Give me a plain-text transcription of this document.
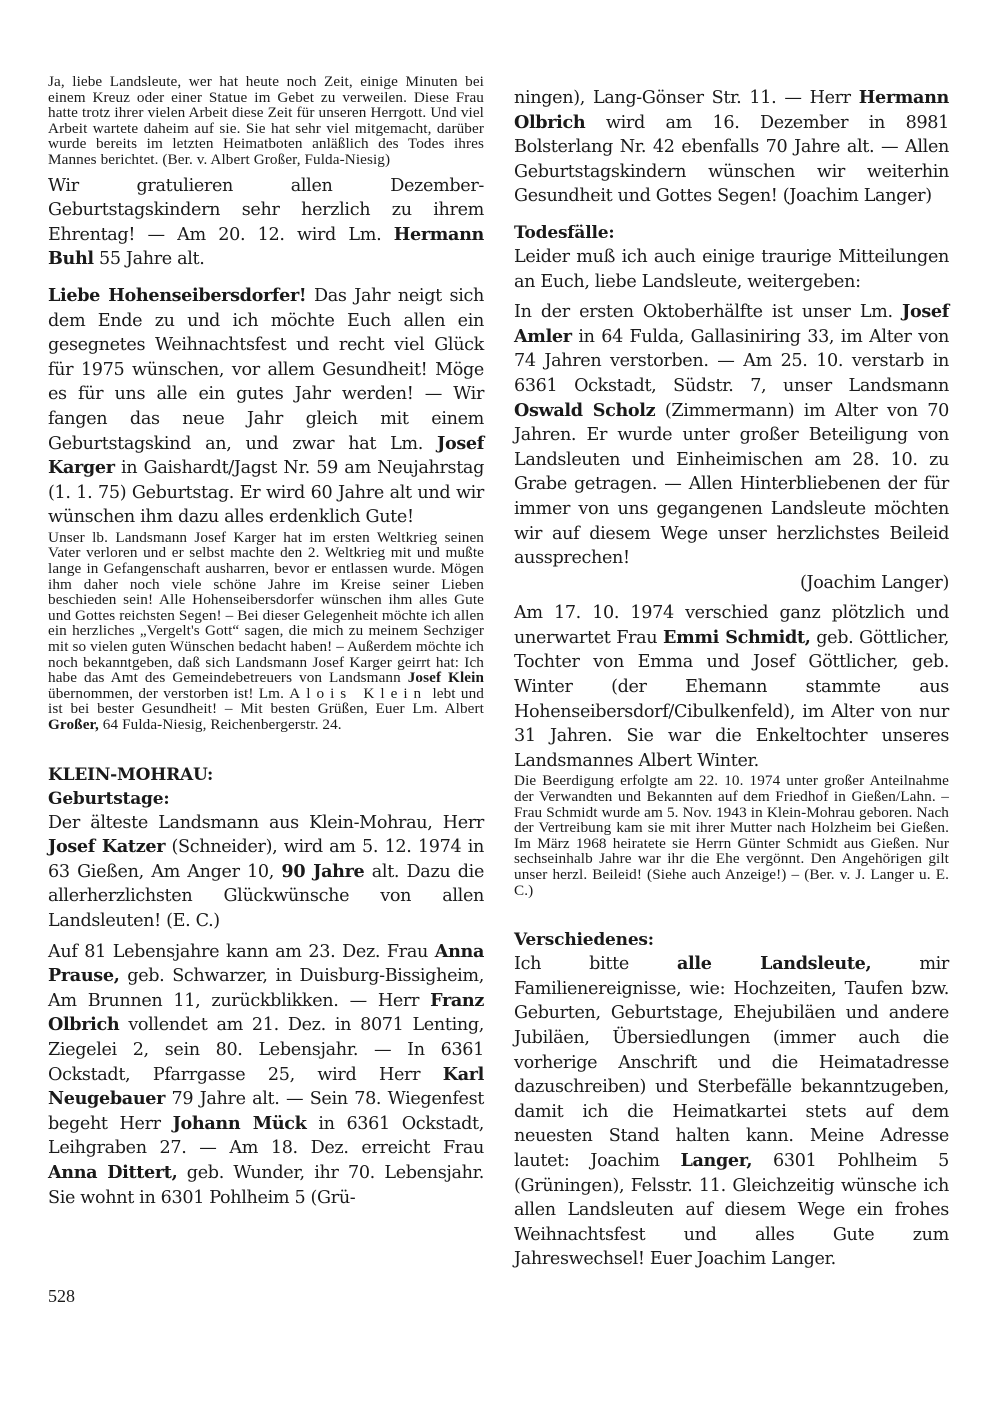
Ja, liebe Landsleute, wer hat heute noch Zeit, einige Minuten bei einem Kreuz oder einer Statue im Gebet zu verweilen. Diese Frau hatte trotz ihrer vielen Arbeit diese Zeit für unseren Herrgott. Und viel Arbeit wartete daheim auf sie. Sie hat sehr viel mitgemacht, darüber wurde bereits im letzten Heimatboten anläßlich des Todes ihres Mannes berichtet. (Ber. v. Albert Großer, Fulda-Niesig)

Wir gratulieren allen Dezember-Geburtstagskindern sehr herzlich zu ihrem Ehrentag! — Am 20. 12. wird Lm. Hermann Buhl 55 Jahre alt.

Liebe Hohenseibersdorfer! Das Jahr neigt sich dem Ende zu und ich möchte Euch allen ein gesegnetes Weihnachtsfest und recht viel Glück für 1975 wünschen, vor allem Gesundheit! Möge es für uns alle ein gutes Jahr werden! — Wir fangen das neue Jahr gleich mit einem Geburtstagskind an, und zwar hat Lm. Josef Karger in Gaishardt/Jagst Nr. 59 am Neujahrstag (1. 1. 75) Geburtstag. Er wird 60 Jahre alt und wir wünschen ihm dazu alles erdenklich Gute!

Unser lb. Landsmann Josef Karger hat im ersten Weltkrieg seinen Vater verloren und er selbst machte den 2. Weltkrieg mit und mußte lange in Gefangenschaft ausharren, bevor er entlassen wurde. Mögen ihm daher noch viele schöne Jahre im Kreise seiner Lieben beschieden sein! Alle Hohenseibersdorfer wünschen ihm alles Gute und Gottes reichsten Segen! – Bei dieser Gelegenheit möchte ich allen ein herzliches „Vergelt's Gott“ sagen, die mich zu meinem Sechziger mit so vielen guten Wünschen bedacht haben! – Außerdem möchte ich noch bekanntgeben, daß sich Landsmann Josef Karger geirrt hat: Ich habe das Amt des Gemeindebetreuers von Landsmann Josef Klein übernommen, der verstorben ist! Lm. Alois Klein lebt und ist bei bester Gesundheit! – Mit besten Grüßen, Euer Lm. Albert Großer, 64 Fulda-Niesig, Reichenbergerstr. 24.

KLEIN-MOHRAU:

Geburtstage:

Der älteste Landsmann aus Klein-Mohrau, Herr Josef Katzer (Schneider), wird am 5. 12. 1974 in 63 Gießen, Am Anger 10, 90 Jahre alt. Dazu die allerherzlichsten Glückwünsche von allen Landsleuten! (E. C.)

Auf 81 Lebensjahre kann am 23. Dez. Frau Anna Prause, geb. Schwarzer, in Duisburg-Bissigheim, Am Brunnen 11, zurückblikken. — Herr Franz Olbrich vollendet am 21. Dez. in 8071 Lenting, Ziegelei 2, sein 80. Lebensjahr. — In 6361 Ockstadt, Pfarrgasse 25, wird Herr Karl Neugebauer 79 Jahre alt. — Sein 78. Wiegenfest begeht Herr Johann Mück in 6361 Ockstadt, Leihgraben 27. — Am 18. Dez. erreicht Frau Anna Dittert, geb. Wunder, ihr 70. Lebensjahr. Sie wohnt in 6301 Pohlheim 5 (Grü-

ningen), Lang-Gönser Str. 11. — Herr Hermann Olbrich wird am 16. Dezember in 8981 Bolsterlang Nr. 42 ebenfalls 70 Jahre alt. — Allen Geburtstagskindern wünschen wir weiterhin Gesundheit und Gottes Segen! (Joachim Langer)

Todesfälle:

Leider muß ich auch einige traurige Mitteilungen an Euch, liebe Landsleute, weitergeben:

In der ersten Oktoberhälfte ist unser Lm. Josef Amler in 64 Fulda, Gallasiniring 33, im Alter von 74 Jahren verstorben. — Am 25. 10. verstarb in 6361 Ockstadt, Südstr. 7, unser Landsmann Oswald Scholz (Zimmermann) im Alter von 70 Jahren. Er wurde unter großer Beteiligung von Landsleuten und Einheimischen am 28. 10. zu Grabe getragen. — Allen Hinterbliebenen der für immer von uns gegangenen Landsleute möchten wir auf diesem Wege unser herzlichstes Beileid aussprechen!

(Joachim Langer)

Am 17. 10. 1974 verschied ganz plötzlich und unerwartet Frau Emmi Schmidt, geb. Göttlicher, Tochter von Emma und Josef Göttlicher, geb. Winter (der Ehemann stammte aus Hohenseibersdorf/Cibulkenfeld), im Alter von nur 31 Jahren. Sie war die Enkeltochter unseres Landsmannes Albert Winter.

Die Beerdigung erfolgte am 22. 10. 1974 unter großer Anteilnahme der Verwandten und Bekannten auf dem Friedhof in Gießen/Lahn. – Frau Schmidt wurde am 5. Nov. 1943 in Klein-Mohrau geboren. Nach der Vertreibung kam sie mit ihrer Mutter nach Holzheim bei Gießen. Im März 1968 heiratete sie Herrn Günter Schmidt aus Gießen. Nur sechseinhalb Jahre war ihr die Ehe vergönnt. Den Angehörigen gilt unser herzl. Beileid! (Siehe auch Anzeige!) – (Ber. v. J. Langer u. E. C.)

Verschiedenes:

Ich bitte alle Landsleute, mir Familienereignisse, wie: Hochzeiten, Taufen bzw. Geburten, Geburtstage, Ehejubiläen und andere Jubiläen, Übersiedlungen (immer auch die vorherige Anschrift und die Heimatadresse dazuschreiben) und Sterbefälle bekanntzugeben, damit ich die Heimatkartei stets auf dem neuesten Stand halten kann. Meine Adresse lautet: Joachim Langer, 6301 Pohlheim 5 (Grüningen), Felsstr. 11. Gleichzeitig wünsche ich allen Landsleuten auf diesem Wege ein frohes Weihnachtsfest und alles Gute zum Jahreswechsel! Euer Joachim Langer.

528
